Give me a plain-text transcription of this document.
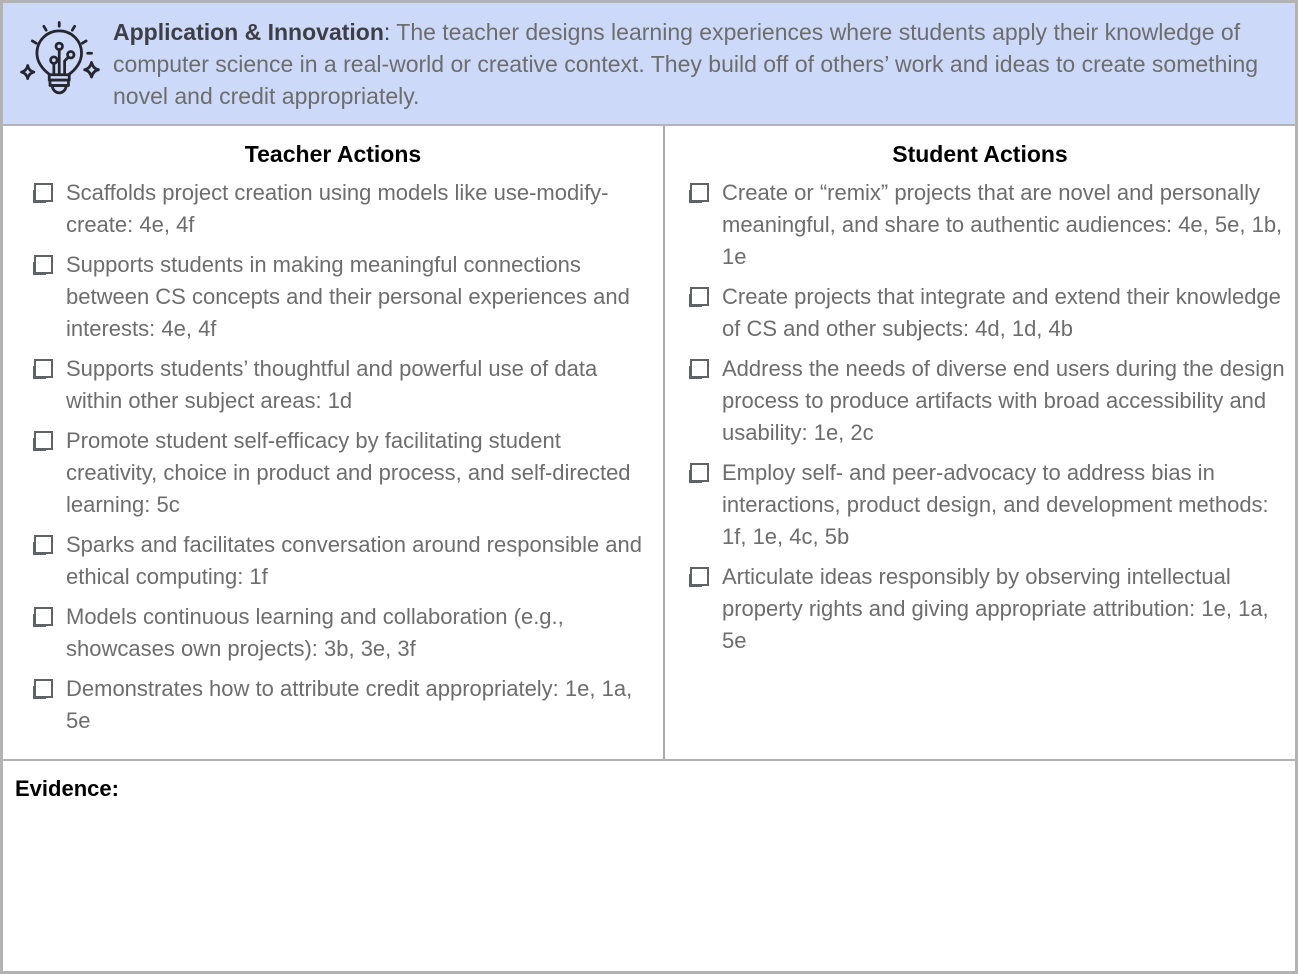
Application & Innovation: The teacher designs learning experiences where students apply their knowledge of computer science in a real-world or creative context. They build off of others’ work and ideas to create something novel and credit appropriately.

Teacher Actions
Scaffolds project creation using models like use-modify-create: 4e, 4f
Supports students in making meaningful connections between CS concepts and their personal experiences and interests: 4e, 4f
Supports students’ thoughtful and powerful use of data within other subject areas: 1d
Promote student self-efficacy by facilitating student creativity, choice in product and process, and self-directed learning: 5c
Sparks and facilitates conversation around responsible and ethical computing: 1f
Models continuous learning and collaboration (e.g., showcases own projects): 3b, 3e, 3f
Demonstrates how to attribute credit appropriately: 1e, 1a, 5e
Student Actions
Create or “remix” projects that are novel and personally meaningful, and share to authentic audiences: 4e, 5e, 1b, 1e
Create projects that integrate and extend their knowledge of CS and other subjects: 4d, 1d, 4b
Address the needs of diverse end users during the design process to produce artifacts with broad accessibility and usability: 1e, 2c
Employ self- and peer-advocacy to address bias in interactions, product design, and development methods: 1f, 1e, 4c, 5b
Articulate ideas responsibly by observing intellectual property rights and giving appropriate attribution: 1e, 1a, 5e
Evidence:
